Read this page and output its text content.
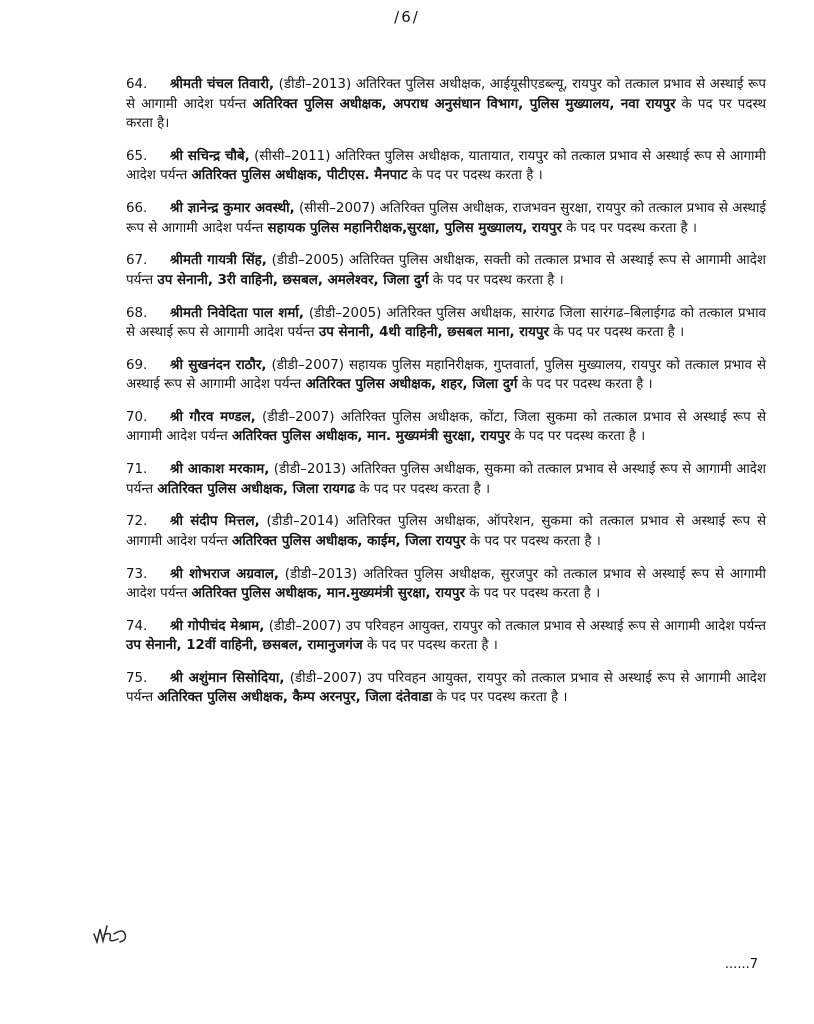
/6/

64. श्रीमती चंचल तिवारी, (डीडी–2013) अतिरिक्त पुलिस अधीक्षक, आईयूसीएडब्ल्यू, रायपुर को तत्काल प्रभाव से अस्थाई रूप से आगामी आदेश पर्यन्त अतिरिक्त पुलिस अधीक्षक, अपराध अनुसंधान विभाग, पुलिस मुख्यालय, नवा रायपुर के पद पर पदस्थ करता है।

65. श्री सचिन्द्र चौबे, (सीसी–2011) अतिरिक्त पुलिस अधीक्षक, यातायात, रायपुर को तत्काल प्रभाव से अस्थाई रूप से आगामी आदेश पर्यन्त अतिरिक्त पुलिस अधीक्षक, पीटीएस. मैनपाट के पद पर पदस्थ करता है ।

66. श्री ज्ञानेन्द्र कुमार अवस्थी, (सीसी–2007) अतिरिक्त पुलिस अधीक्षक, राजभवन सुरक्षा, रायपुर को तत्काल प्रभाव से अस्थाई रूप से आगामी आदेश पर्यन्त सहायक पुलिस महानिरीक्षक,सुरक्षा, पुलिस मुख्यालय, रायपुर के पद पर पदस्थ करता है ।

67. श्रीमती गायत्री सिंह, (डीडी–2005) अतिरिक्त पुलिस अधीक्षक, सक्ती को तत्काल प्रभाव से अस्थाई रूप से आगामी आदेश पर्यन्त उप सेनानी, 3री वाहिनी, छसबल, अमलेश्वर, जिला दुर्ग के पद पर पदस्थ करता है ।

68. श्रीमती निवेदिता पाल शर्मा, (डीडी–2005) अतिरिक्त पुलिस अधीक्षक, सारंगढ जिला सारंगढ–बिलाईगढ को तत्काल प्रभाव से अस्थाई रूप से आगामी आदेश पर्यन्त उप सेनानी, 4थी वाहिनी, छसबल माना, रायपुर के पद पर पदस्थ करता है ।

69. श्री सुखनंदन राठौर, (डीडी–2007) सहायक पुलिस महानिरीक्षक, गुप्तवार्ता, पुलिस मुख्यालय, रायपुर को तत्काल प्रभाव से अस्थाई रूप से आगामी आदेश पर्यन्त अतिरिक्त पुलिस अधीक्षक, शहर, जिला दुर्ग के पद पर पदस्थ करता है ।

70. श्री गौरव मण्डल, (डीडी–2007) अतिरिक्त पुलिस अधीक्षक, कोंटा, जिला सुकमा को तत्काल प्रभाव से अस्थाई रूप से आगामी आदेश पर्यन्त अतिरिक्त पुलिस अधीक्षक, मान. मुख्यमंत्री सुरक्षा, रायपुर के पद पर पदस्थ करता है ।

71. श्री आकाश मरकाम, (डीडी–2013) अतिरिक्त पुलिस अधीक्षक, सुकमा को तत्काल प्रभाव से अस्थाई रूप से आगामी आदेश पर्यन्त अतिरिक्त पुलिस अधीक्षक, जिला रायगढ के पद पर पदस्थ करता है ।

72. श्री संदीप मित्तल, (डीडी–2014) अतिरिक्त पुलिस अधीक्षक, ऑपरेशन, सुकमा को तत्काल प्रभाव से अस्थाई रूप से आगामी आदेश पर्यन्त अतिरिक्त पुलिस अधीक्षक, काईम, जिला रायपुर के पद पर पदस्थ करता है ।

73. श्री शोभराज अग्रवाल, (डीडी–2013) अतिरिक्त पुलिस अधीक्षक, सुरजपुर को तत्काल प्रभाव से अस्थाई रूप से आगामी आदेश पर्यन्त अतिरिक्त पुलिस अधीक्षक, मान.मुख्यमंत्री सुरक्षा, रायपुर के पद पर पदस्थ करता है ।

74. श्री गोपीचंद मेश्राम, (डीडी–2007) उप परिवहन आयुक्त, रायपुर को तत्काल प्रभाव से अस्थाई रूप से आगामी आदेश पर्यन्त उप सेनानी, 12वीं वाहिनी, छसबल, रामानुजगंज के पद पर पदस्थ करता है ।

75. श्री अशुंमान सिसोदिया, (डीडी–2007) उप परिवहन आयुक्त, रायपुर को तत्काल प्रभाव से अस्थाई रूप से आगामी आदेश पर्यन्त अतिरिक्त पुलिस अधीक्षक, कैम्प अरनपुर, जिला दंतेवाडा के पद पर पदस्थ करता है ।

......7
